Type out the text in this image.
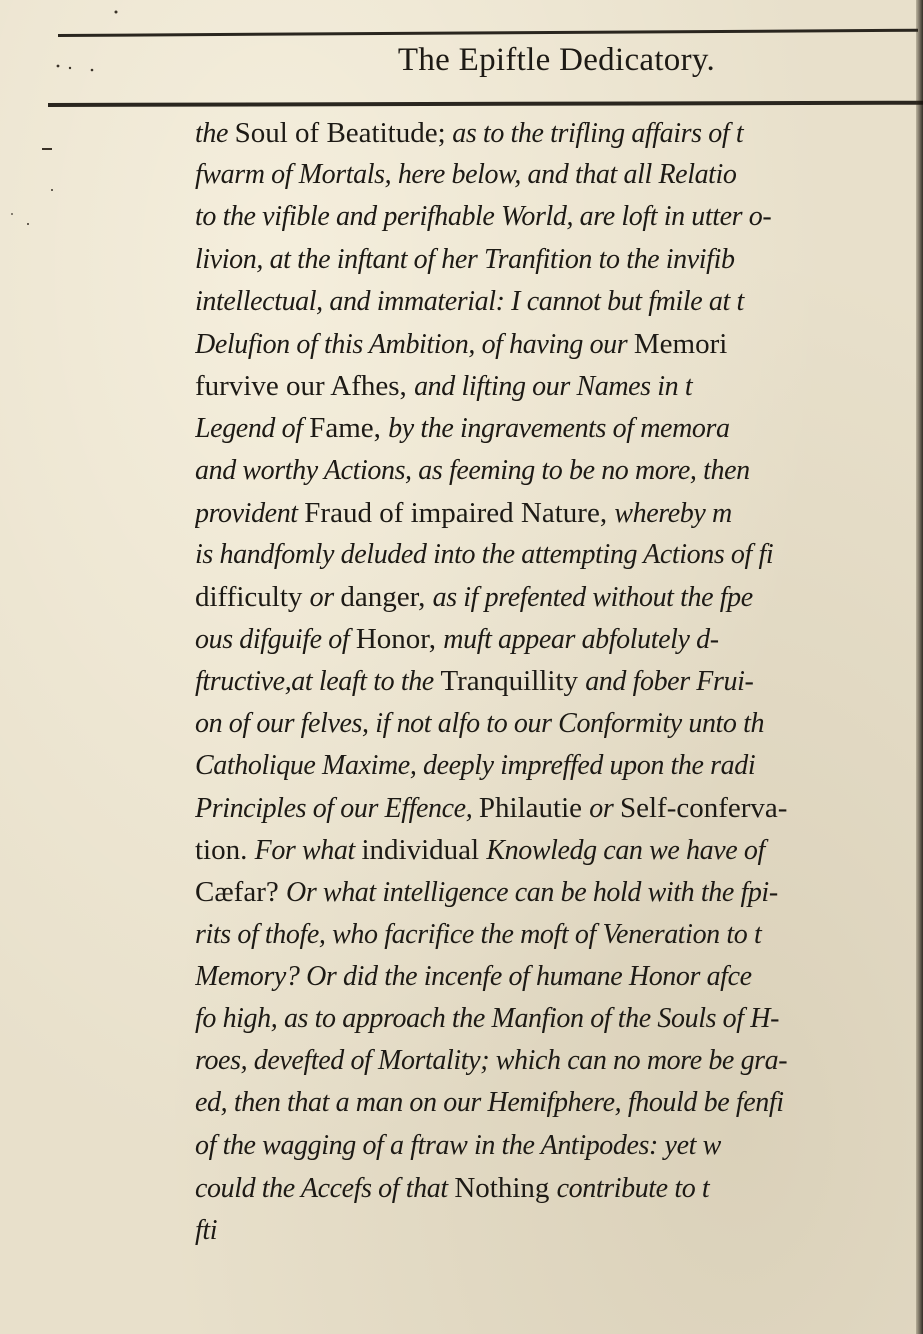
The Epiftle Dedicatory.
the Soul of Beatitude; as to the trifling affairs of t
fwarm of Mortals, here below, and that all Relatio
to the vifible and perifhable World, are loft in utter o-
livion, at the inftant of her Tranfition to the invifib
intellectual, and immaterial: I cannot but fmile at t
Delufion of this Ambition, of having our Memori
furvive our Afhes, and lifting our Names in t
Legend of Fame, by the ingravements of memora
and worthy Actions, as feeming to be no more, then
provident Fraud of impaired Nature, whereby m
is handfomly deluded into the attempting Actions of fi
difficulty or danger, as if prefented without the fpe
ous difguife of Honor, muft appear abfolutely d-
ftructive,at leaft to the Tranquillity and fober Frui-
on of our felves, if not alfo to our Conformity unto th
Catholique Maxime, deeply impreffed upon the radi
Principles of our Effence, Philautie or Self-conferva-
tion. For what individual Knowledg can we have of
Cæfar? Or what intelligence can be hold with the fpi-
rits of thofe, who facrifice the moft of Veneration to t
Memory? Or did the incenfe of humane Honor afce
fo high, as to approach the Manfion of the Souls of H-
roes, devefted of Mortality; which can no more be gra-
ed, then that a man on our Hemifphere, fhould be fenfi
of the wagging of a ftraw in the Antipodes: yet w
could the Accefs of that Nothing contribute to t
fti
